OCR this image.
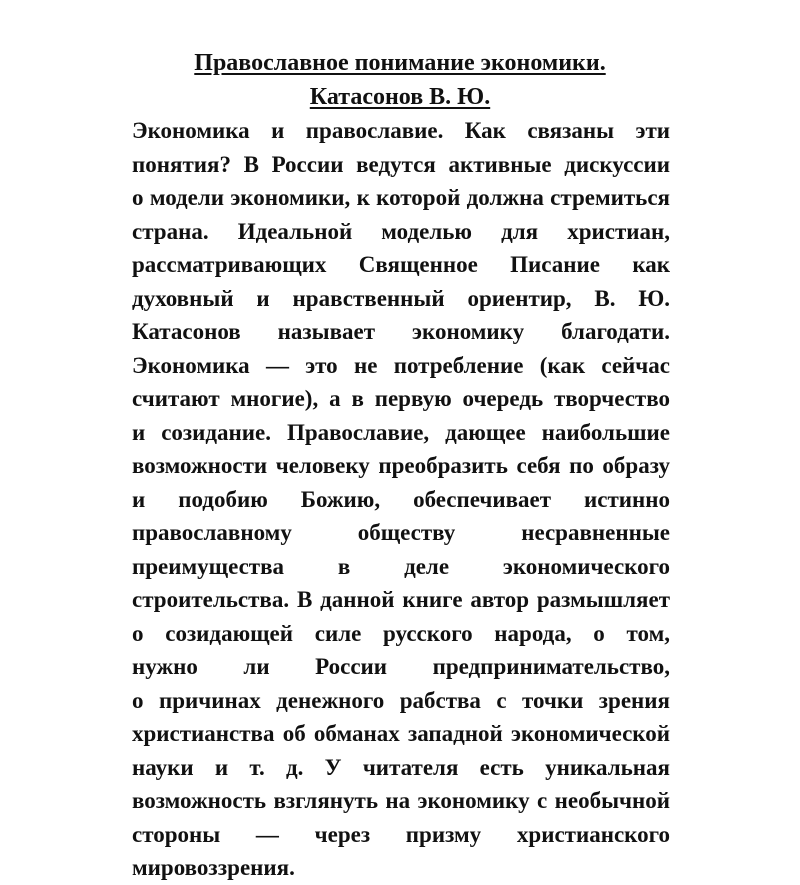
Православное понимание экономики.
Катасонов В. Ю.
Экономика и православие. Как связаны эти
понятия? В России ведутся активные дискуссии
о модели экономики, к которой должна стремиться
страна. Идеальной моделью для христиан,
рассматривающих Священное Писание как
духовный и нравственный ориентир, В. Ю.
Катасонов называет экономику благодати.
Экономика — это не потребление (как сейчас
считают многие), а в первую очередь творчество
и созидание. Православие, дающее наибольшие
возможности человеку преобразить себя по образу
и подобию Божию, обеспечивает истинно
православному обществу несравненные
преимущества в деле экономического
строительства. В данной книге автор размышляет
о созидающей силе русского народа, о том,
нужно ли России предпринимательство,
о причинах денежного рабства с точки зрения
христианства об обманах западной экономической
науки и т. д. У читателя есть уникальная
возможность взглянуть на экономику с необычной
стороны — через призму христианского
мировоззрения.
